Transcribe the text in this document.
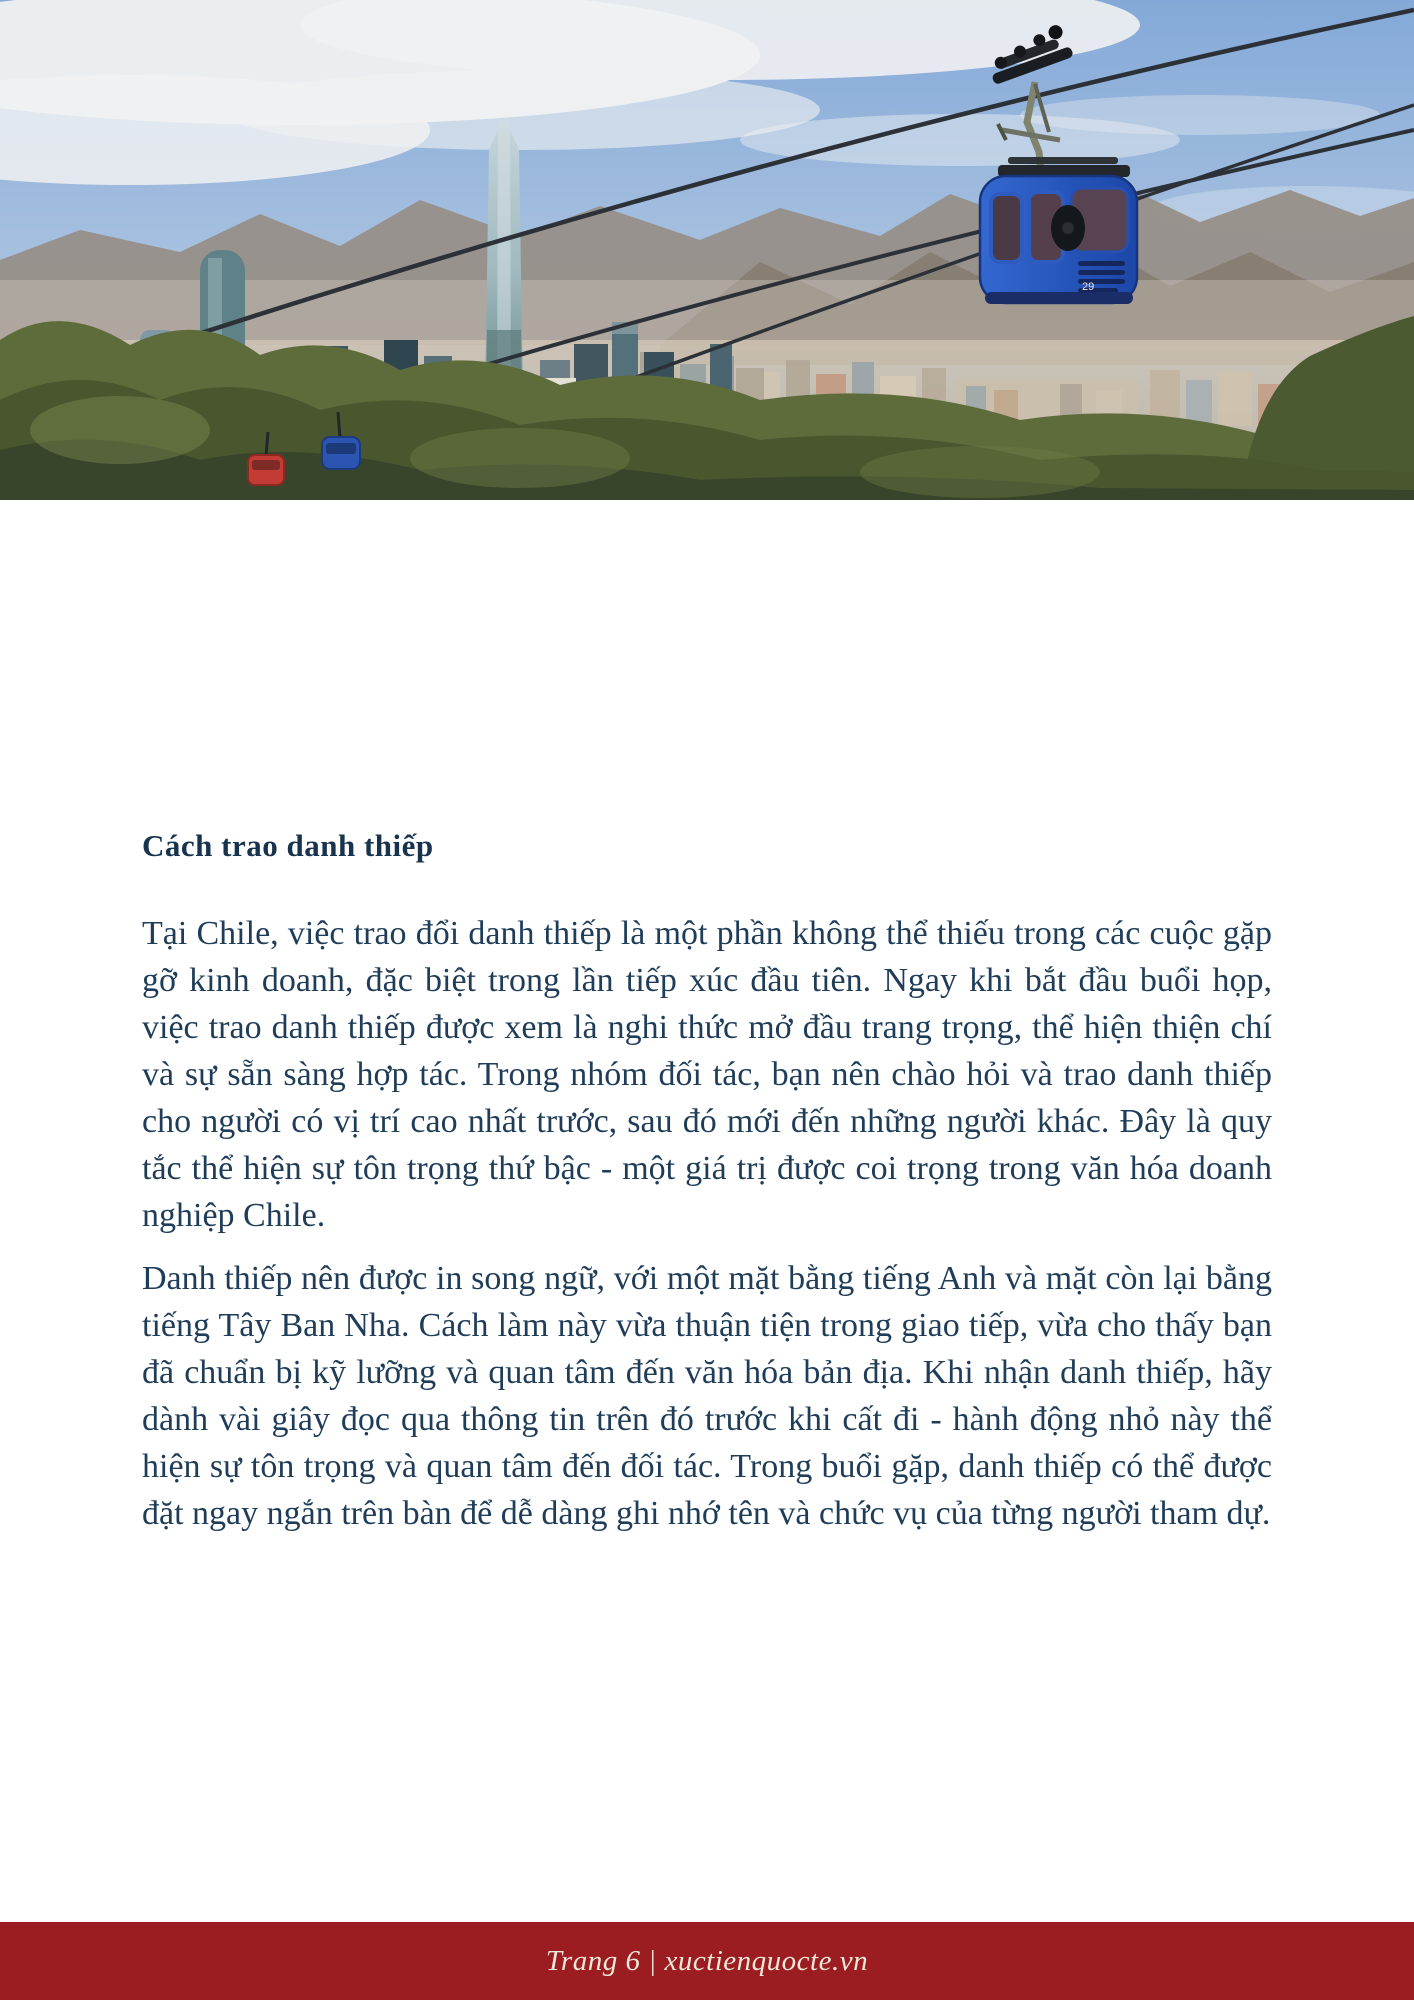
29
Cách trao danh thiếp

Tại Chile, việc trao đổi danh thiếp là một phần không thể thiếu trong các cuộc gặp gỡ kinh doanh, đặc biệt trong lần tiếp xúc đầu tiên. Ngay khi bắt đầu buổi họp, việc trao danh thiếp được xem là nghi thức mở đầu trang trọng, thể hiện thiện chí và sự sẵn sàng hợp tác. Trong nhóm đối tác, bạn nên chào hỏi và trao danh thiếp cho người có vị trí cao nhất trước, sau đó mới đến những người khác. Đây là quy tắc thể hiện sự tôn trọng thứ bậc - một giá trị được coi trọng trong văn hóa doanh nghiệp Chile.

Danh thiếp nên được in song ngữ, với một mặt bằng tiếng Anh và mặt còn lại bằng tiếng Tây Ban Nha. Cách làm này vừa thuận tiện trong giao tiếp, vừa cho thấy bạn đã chuẩn bị kỹ lưỡng và quan tâm đến văn hóa bản địa. Khi nhận danh thiếp, hãy dành vài giây đọc qua thông tin trên đó trước khi cất đi - hành động nhỏ này thể hiện sự tôn trọng và quan tâm đến đối tác. Trong buổi gặp, danh thiếp có thể được đặt ngay ngắn trên bàn để dễ dàng ghi nhớ tên và chức vụ của từng người tham dự.

Trang 6 | xuctienquocte.vn
